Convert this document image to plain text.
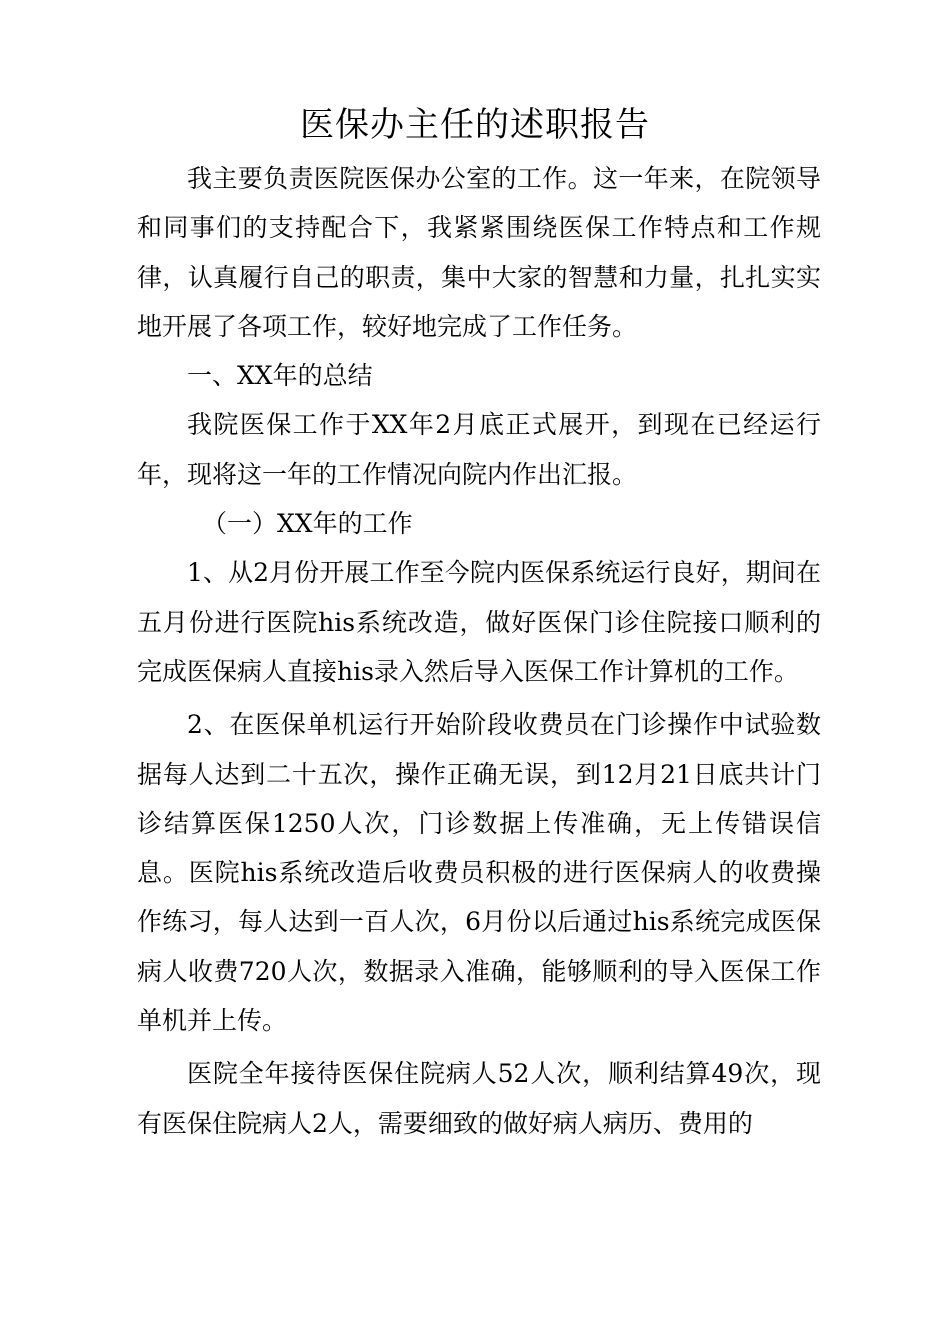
医保办主任的述职报告

我主要负责医院医保办公室的工作。这一年来，在院领导和同事们的支持配合下，我紧紧围绕医保工作特点和工作规律，认真履行自己的职责，集中大家的智慧和力量，扎扎实实地开展了各项工作，较好地完成了工作任务。

一、XX年的总结

我院医保工作于XX年2月底正式展开，到现在已经运行年，现将这一年的工作情况向院内作出汇报。

（一）XX年的工作

1、从2月份开展工作至今院内医保系统运行良好，期间在五月份进行医院his系统改造，做好医保门诊住院接口顺利的完成医保病人直接his录入然后导入医保工作计算机的工作。

2、在医保单机运行开始阶段收费员在门诊操作中试验数据每人达到二十五次，操作正确无误，到12月21日底共计门诊结算医保1250人次，门诊数据上传准确，无上传错误信息。医院his系统改造后收费员积极的进行医保病人的收费操作练习，每人达到一百人次，6月份以后通过his系统完成医保病人收费720人次，数据录入准确，能够顺利的导入医保工作单机并上传。

医院全年接待医保住院病人52人次，顺利结算49次，现有医保住院病人2人，需要细致的做好病人病历、费用的
